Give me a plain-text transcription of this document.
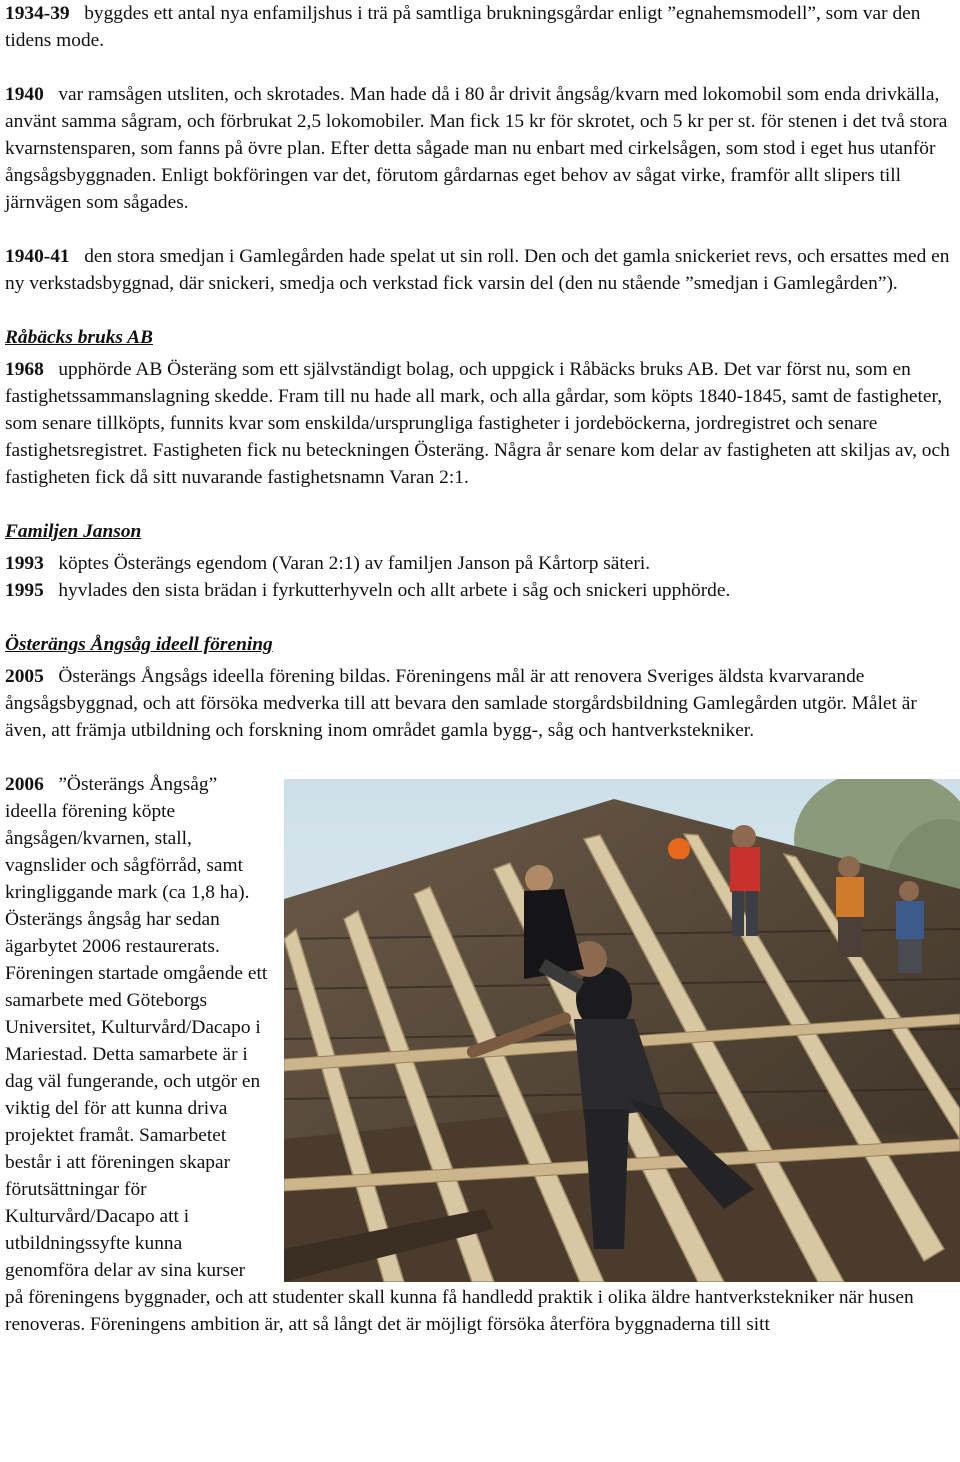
1934-39 byggdes ett antal nya enfamiljshus i trä på samtliga brukningsgårdar enligt ”egnahemsmodell”, som var den tidens mode.

1940 var ramsågen utsliten, och skrotades. Man hade då i 80 år drivit ångsåg/kvarn med lokomobil som enda drivkälla, använt samma sågram, och förbrukat 2,5 lokomobiler. Man fick 15 kr för skrotet, och 5 kr per st. för stenen i det två stora kvarnstensparen, som fanns på övre plan. Efter detta sågade man nu enbart med cirkelsågen, som stod i eget hus utanför ångsågsbyggnaden. Enligt bokföringen var det, förutom gårdarnas eget behov av sågat virke, framför allt slipers till järnvägen som sågades.

1940-41 den stora smedjan i Gamlegården hade spelat ut sin roll. Den och det gamla snickeriet revs, och ersattes med en ny verkstadsbyggnad, där snickeri, smedja och verkstad fick varsin del (den nu stående ”smedjan i Gamlegården”).

Råbäcks bruks AB

1968 upphörde AB Österäng som ett självständigt bolag, och uppgick i Råbäcks bruks AB. Det var först nu, som en fastighetssammanslagning skedde. Fram till nu hade all mark, och alla gårdar, som köpts 1840-1845, samt de fastigheter, som senare tillköpts, funnits kvar som enskilda/ursprungliga fastigheter i jordeböckerna, jordregistret och senare fastighetsregistret. Fastigheten fick nu beteckningen Österäng. Några år senare kom delar av fastigheten att skiljas av, och fastigheten fick då sitt nuvarande fastighetsnamn Varan 2:1.

Familjen Janson

1993 köptes Österängs egendom (Varan 2:1) av familjen Janson på Kårtorp säteri.

1995 hyvlades den sista brädan i fyrkutterhyveln och allt arbete i såg och snickeri upphörde.

Österängs Ångsåg ideell förening

2005 Österängs Ångsågs ideella förening bildas. Föreningens mål är att renovera Sveriges äldsta kvarvarande ångsågsbyggnad, och att försöka medverka till att bevara den samlade storgårdsbildning Gamlegården utgör. Målet är även, att främja utbildning och forskning inom området gamla bygg-, såg och hantverkstekniker.

2006 ”Österängs Ångsåg” ideella förening köpte ångsågen/kvarnen, stall, vagnslider och sågförråd, samt kringliggande mark (ca 1,8 ha). Österängs ångsåg har sedan ägarbytet 2006 restaurerats. Föreningen startade omgående ett samarbete med Göteborgs Universitet, Kulturvård/Dacapo i Mariestad. Detta samarbete är i dag väl fungerande, och utgör en viktig del för att kunna driva projektet framåt. Samarbetet består i att föreningen skapar förutsättningar för Kulturvård/Dacapo att i utbildningssyfte kunna genomföra delar av sina kurser på föreningens byggnader, och att studenter skall kunna få handledd praktik i olika äldre hantverkstekniker när husen renoveras. Föreningens ambition är, att så långt det är möjligt försöka återföra byggnaderna till sitt
